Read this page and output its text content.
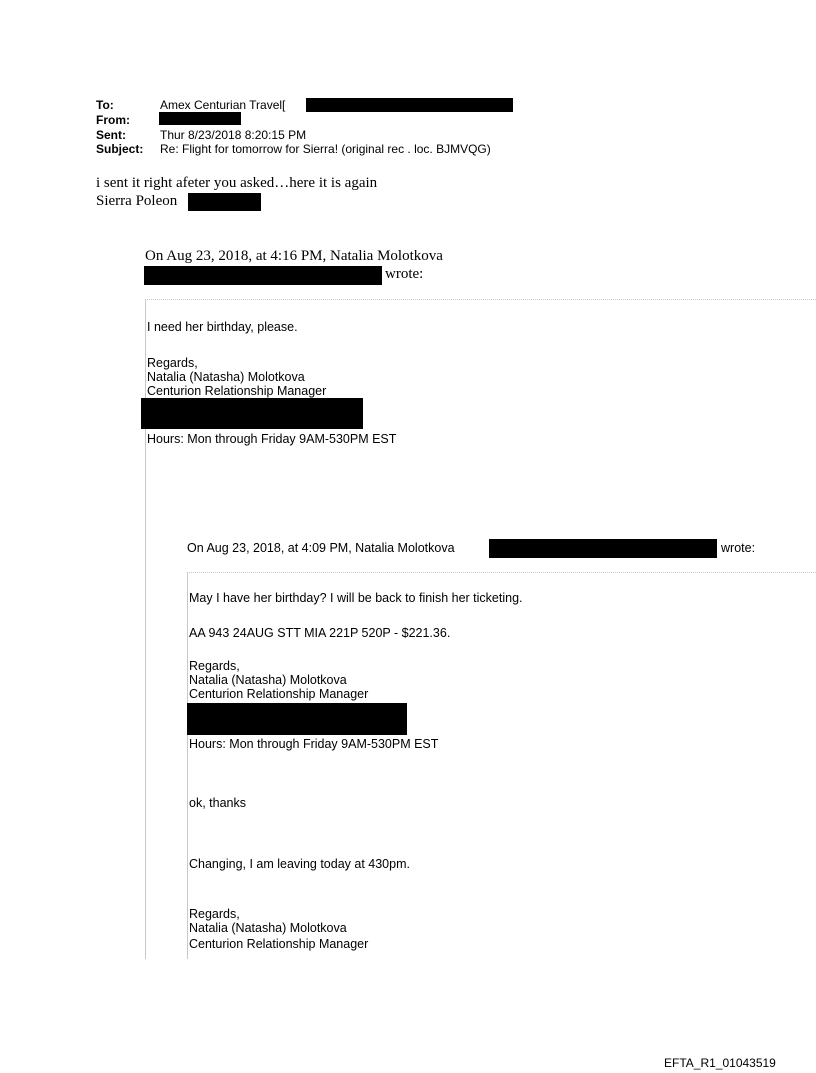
To:	Amex Centurian Travel[
From:
Sent:	Thur 8/23/2018 8:20:15 PM
Subject: Re: Flight for tomorrow for Sierra! (original rec . loc. BJMVQG)
i sent it right afeter you asked…here it is again
Sierra Poleon
On Aug 23, 2018, at 4:16 PM, Natalia Molotkova
wrote:
I need her birthday, please.
Regards,
Natalia (Natasha) Molotkova
Centurion Relationship Manager
Hours: Mon through Friday 9AM-530PM EST
On Aug 23, 2018, at 4:09 PM, Natalia Molotkova	wrote:
May I have her birthday? I will be back to finish her ticketing.
AA 943 24AUG STT MIA 221P 520P - $221.36.
Regards,
Natalia (Natasha) Molotkova
Centurion Relationship Manager
Hours: Mon through Friday 9AM-530PM EST
ok, thanks
Changing, I am leaving today at 430pm.
Regards,
Natalia (Natasha) Molotkova
Centurion Relationship Manager
EFTA_R1_01043519
